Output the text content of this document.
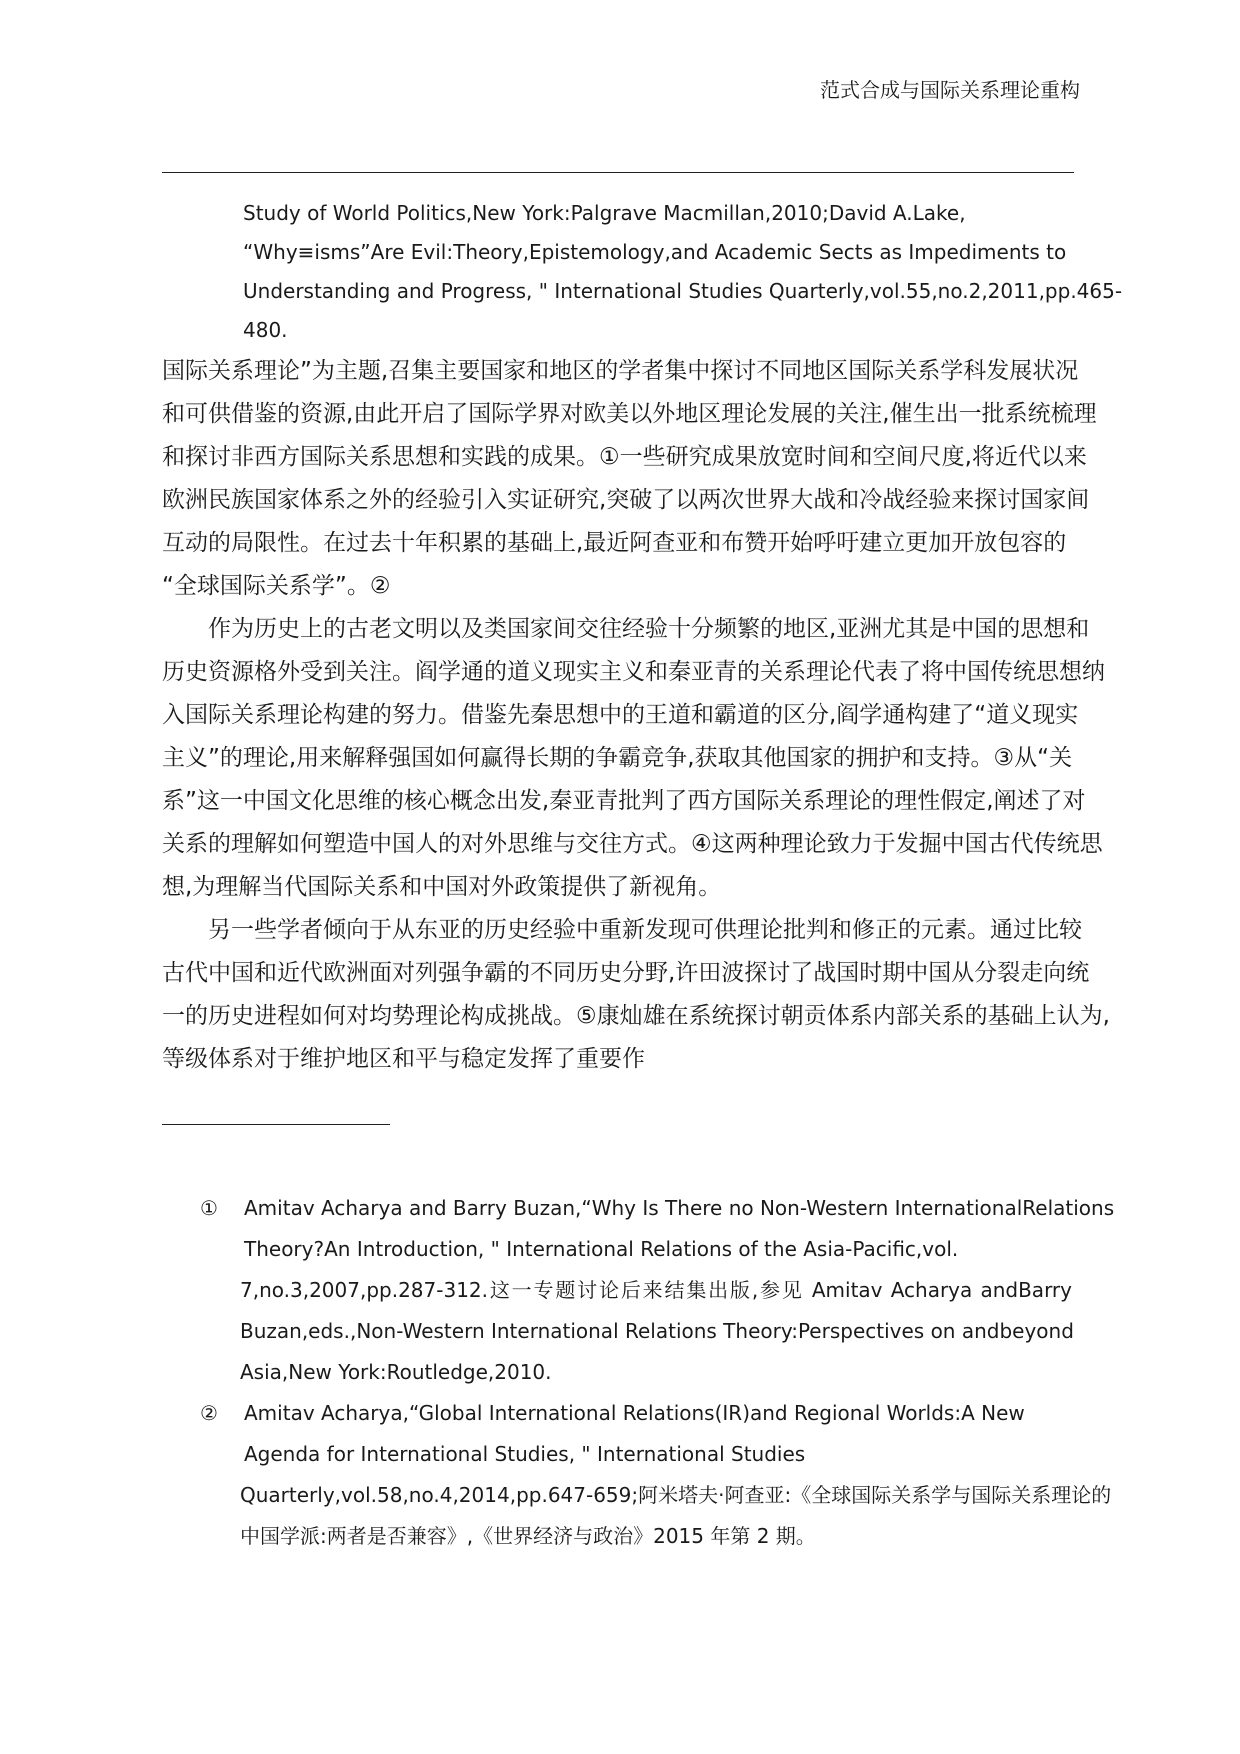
范式合成与国际关系理论重构
Study of World Politics,New York:Palgrave Macmillan,2010;David A.Lake,
“Why≡isms”Are Evil:Theory,Epistemology,and Academic Sects as Impediments to
Understanding and Progress, " International Studies Quarterly,vol.55,no.2,2011,pp.465-
480.

国际关系理论”为主题,召集主要国家和地区的学者集中探讨不同地区国际关系学科发展状况
和可供借鉴的资源,由此开启了国际学界对欧美以外地区理论发展的关注,催生出一批系统梳理
和探讨非西方国际关系思想和实践的成果。①一些研究成果放宽时间和空间尺度,将近代以来
欧洲民族国家体系之外的经验引入实证研究,突破了以两次世界大战和冷战经验来探讨国家间
互动的局限性。在过去十年积累的基础上,最近阿查亚和布赞开始呼吁建立更加开放包容的
“全球国际关系学”。②

作为历史上的古老文明以及类国家间交往经验十分频繁的地区,亚洲尤其是中国的思想和
历史资源格外受到关注。阎学通的道义现实主义和秦亚青的关系理论代表了将中国传统思想纳
入国际关系理论构建的努力。借鉴先秦思想中的王道和霸道的区分,阎学通构建了“道义现实
主义”的理论,用来解释强国如何赢得长期的争霸竞争,获取其他国家的拥护和支持。③从“关
系”这一中国文化思维的核心概念出发,秦亚青批判了西方国际关系理论的理性假定,阐述了对
关系的理解如何塑造中国人的对外思维与交往方式。④这两种理论致力于发掘中国古代传统思
想,为理解当代国际关系和中国对外政策提供了新视角。

另一些学者倾向于从东亚的历史经验中重新发现可供理论批判和修正的元素。通过比较
古代中国和近代欧洲面对列强争霸的不同历史分野,许田波探讨了战国时期中国从分裂走向统
一的历史进程如何对均势理论构成挑战。⑤康灿雄在系统探讨朝贡体系内部关系的基础上认为,
等级体系对于维护地区和平与稳定发挥了重要作

① Amitav Acharya and Barry Buzan,“Why Is There no Non-Western InternationalRelations
Theory?An Introduction, " International Relations of the Asia-Pacific,vol.
7,no.3,2007,pp.287-312.这一专题讨论后来结集出版,参见 Amitav Acharya andBarry
Buzan,eds.,Non-Western International Relations Theory:Perspectives on andbeyond
Asia,New York:Routledge,2010.
② Amitav Acharya,“Global International Relations(IR)and Regional Worlds:A New
Agenda for International Studies, " International Studies
Quarterly,vol.58,no.4,2014,pp.647-659;阿米塔夫·阿查亚:《全球国际关系学与国际关系理论的
中国学派:两者是否兼容》,《世界经济与政治》2015 年第 2 期。
